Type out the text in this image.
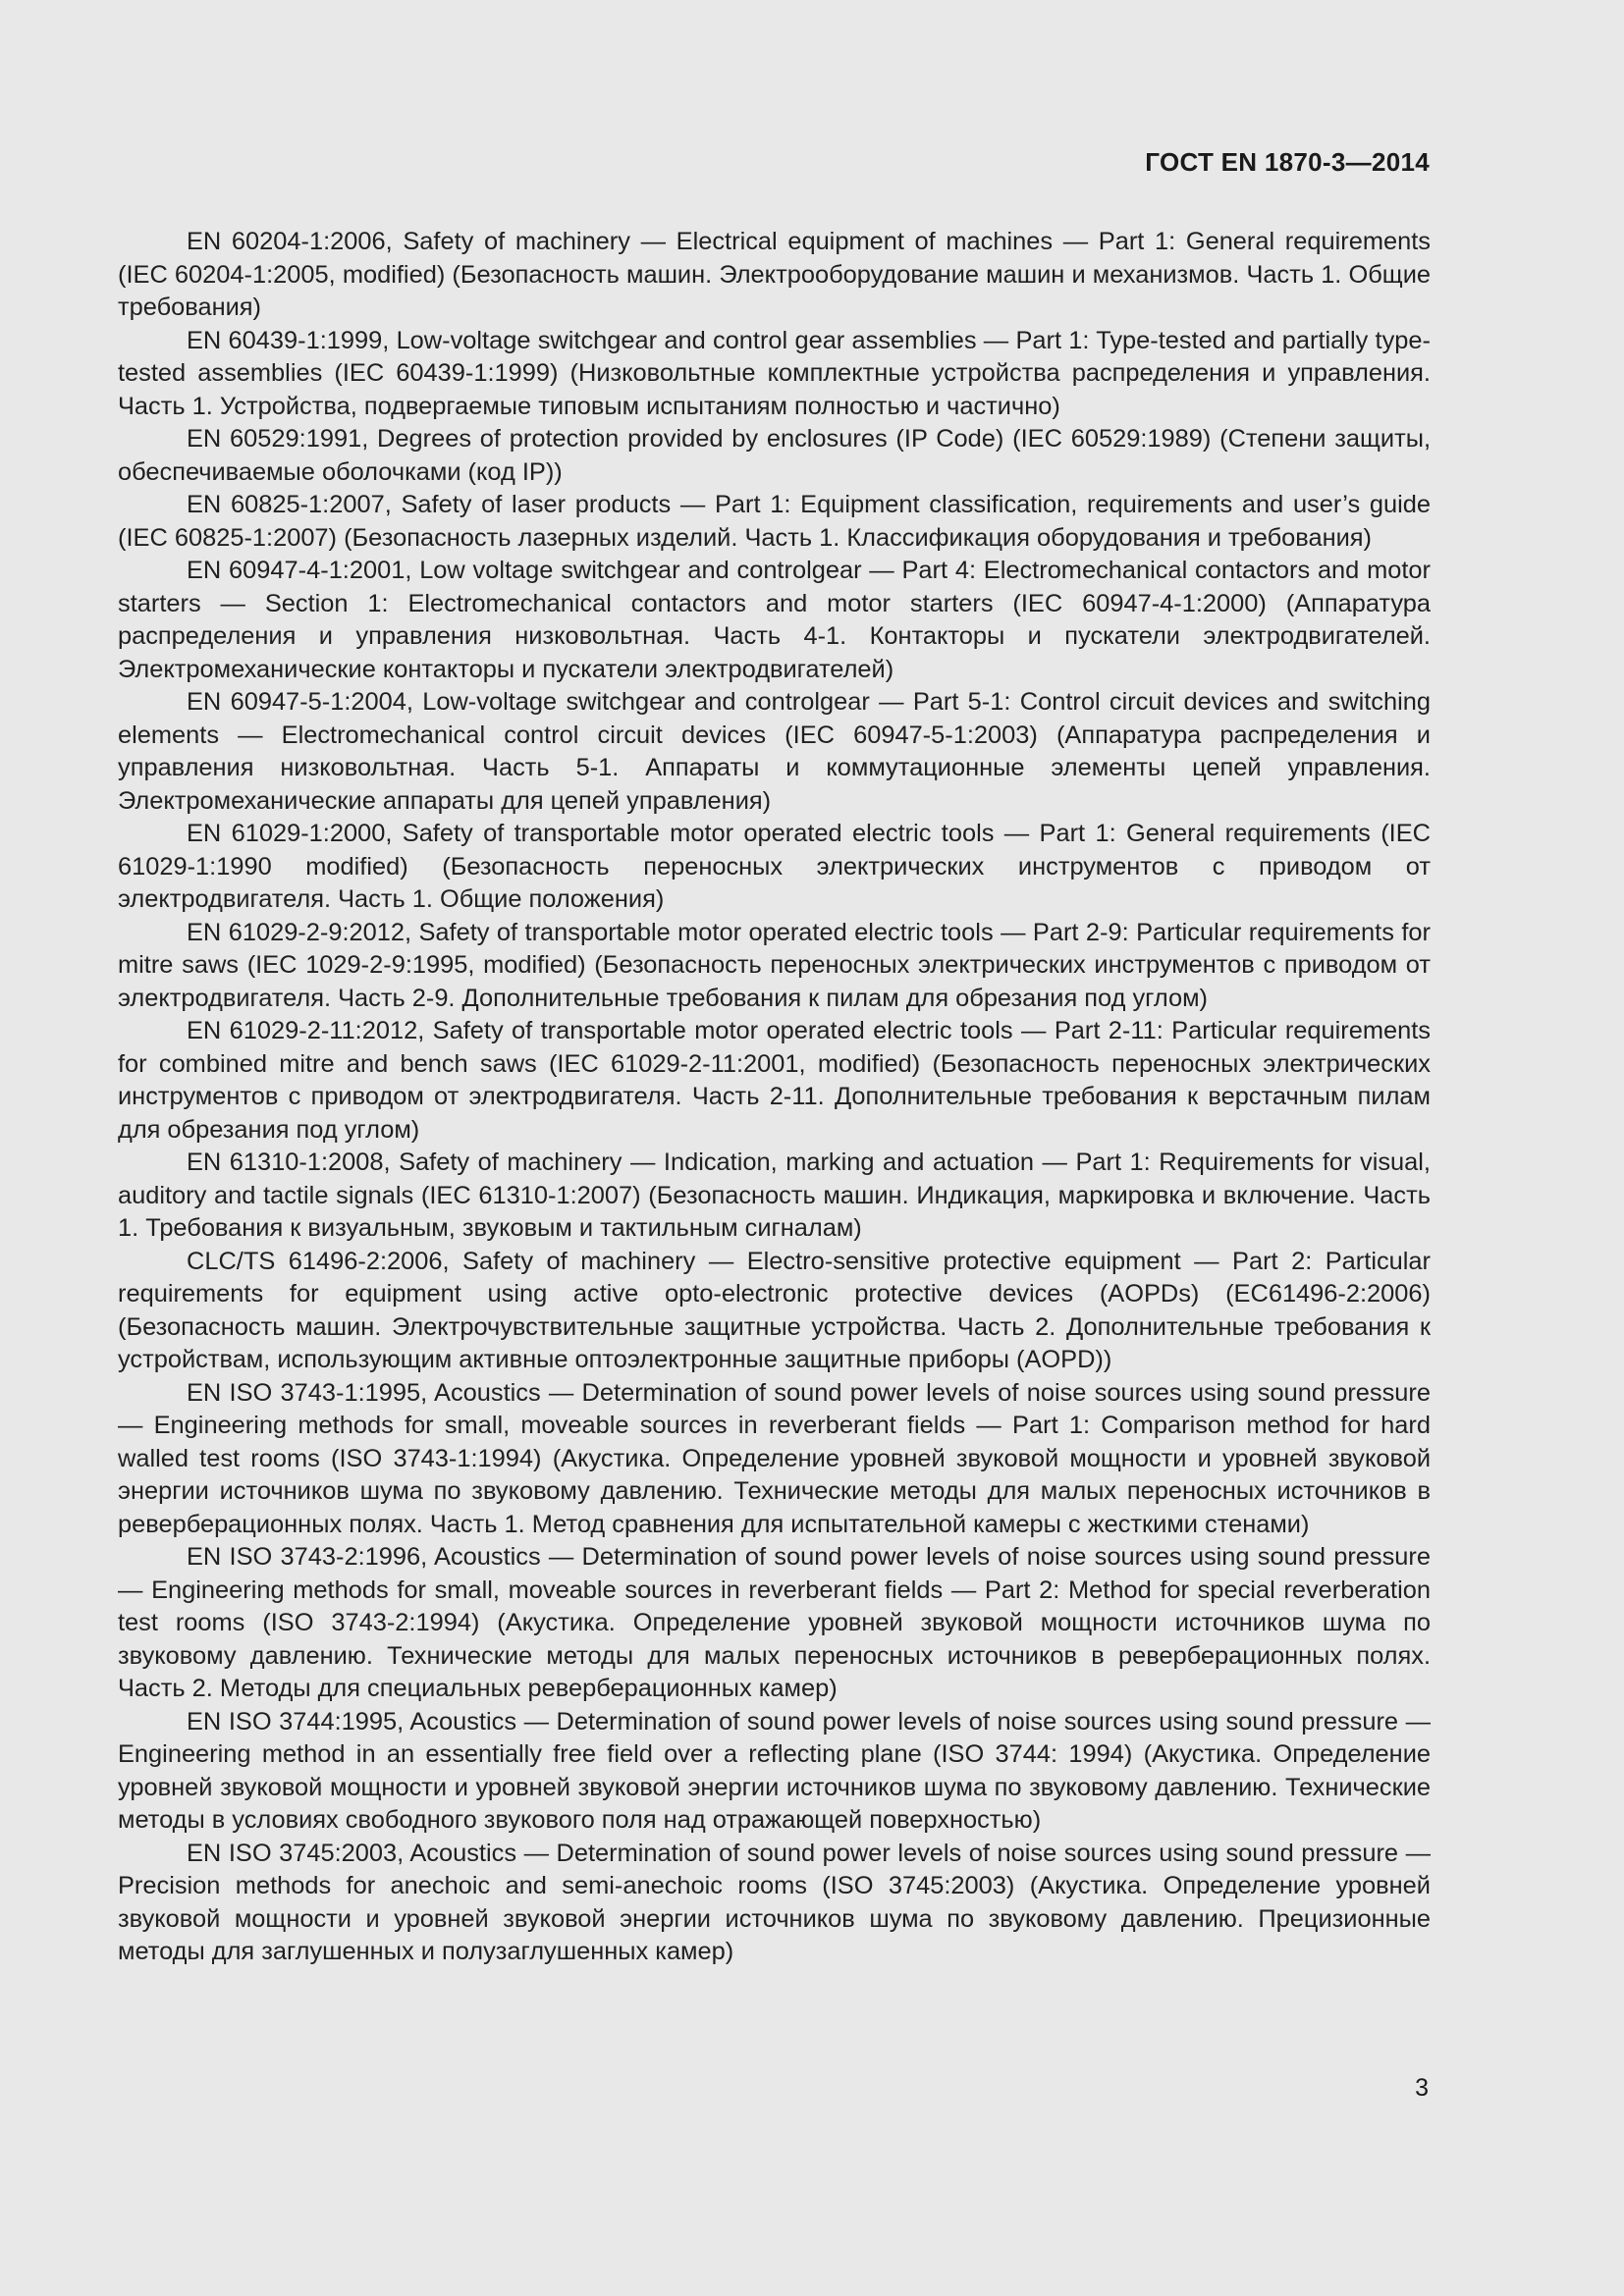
ГОСТ EN 1870-3—2014

EN 60204-1:2006, Safety of machinery — Electrical equipment of machines — Part 1: General requirements (IEC 60204-1:2005, modified) (Безопасность машин. Электрооборудование машин и механизмов. Часть 1. Общие требования)

EN 60439-1:1999, Low-voltage switchgear and control gear assemblies — Part 1: Type-tested and partially type-tested assemblies (IEC 60439-1:1999) (Низковольтные комплектные устройства распределения и управления. Часть 1. Устройства, подвергаемые типовым испытаниям полностью и частично)

EN 60529:1991, Degrees of protection provided by enclosures (IP Code) (IEC 60529:1989) (Степени защиты, обеспечиваемые оболочками (код IP))

EN 60825-1:2007, Safety of laser products — Part 1: Equipment classification, requirements and user’s guide (IEC 60825-1:2007) (Безопасность лазерных изделий. Часть 1. Классификация оборудования и требования)

EN 60947-4-1:2001, Low voltage switchgear and controlgear — Part 4: Electromechanical contactors and motor starters — Section 1: Electromechanical contactors and motor starters (IEC 60947-4-1:2000) (Аппаратура распределения и управления низковольтная. Часть 4-1. Контакторы и пускатели электродвигателей. Электромеханические контакторы и пускатели электродвигателей)

EN 60947-5-1:2004, Low-voltage switchgear and controlgear — Part 5-1: Control circuit devices and switching elements — Electromechanical control circuit devices (IEC 60947-5-1:2003) (Аппаратура распределения и управления низковольтная. Часть 5-1. Аппараты и коммутационные элементы цепей управления. Электромеханические аппараты для цепей управления)

EN 61029-1:2000, Safety of transportable motor operated electric tools — Part 1: General requirements (IEC 61029-1:1990 modified) (Безопасность переносных электрических инструментов с приводом от электродвигателя. Часть 1. Общие положения)

EN 61029-2-9:2012, Safety of transportable motor operated electric tools — Part 2-9: Particular requirements for mitre saws (IEC 1029-2-9:1995, modified) (Безопасность переносных электрических инструментов с приводом от электродвигателя. Часть 2-9. Дополнительные требования к пилам для обрезания под углом)

EN 61029-2-11:2012, Safety of transportable motor operated electric tools — Part 2-11: Particular requirements for combined mitre and bench saws (IEC 61029-2-11:2001, modified) (Безопасность переносных электрических инструментов с приводом от электродвигателя. Часть 2-11. Дополнительные требования к верстачным пилам для обрезания под углом)

EN 61310-1:2008, Safety of machinery — Indication, marking and actuation — Part 1: Requirements for visual, auditory and tactile signals (IEC 61310-1:2007) (Безопасность машин. Индикация, маркировка и включение. Часть 1. Требования к визуальным, звуковым и тактильным сигналам)

CLC/TS 61496-2:2006, Safety of machinery — Electro-sensitive protective equipment — Part 2: Particular requirements for equipment using active opto-electronic protective devices (AOPDs) (EC61496-2:2006) (Безопасность машин. Электрочувствительные защитные устройства. Часть 2. Дополнительные требования к устройствам, использующим активные оптоэлектронные защитные приборы (AOPD))

EN ISO 3743-1:1995, Acoustics — Determination of sound power levels of noise sources using sound pressure — Engineering methods for small, moveable sources in reverberant fields — Part 1: Comparison method for hard walled test rooms (ISO 3743-1:1994) (Акустика. Определение уровней звуковой мощности и уровней звуковой энергии источников шума по звуковому давлению. Технические методы для малых переносных источников в реверберационных полях. Часть 1. Метод сравнения для испытательной камеры с жесткими стенами)

EN ISO 3743-2:1996, Acoustics — Determination of sound power levels of noise sources using sound pressure — Engineering methods for small, moveable sources in reverberant fields — Part 2: Method for special reverberation test rooms (ISO 3743-2:1994) (Акустика. Определение уровней звуковой мощности источников шума по звуковому давлению. Технические методы для малых переносных источников в реверберационных полях. Часть 2. Методы для специальных реверберационных камер)

EN ISO 3744:1995, Acoustics — Determination of sound power levels of noise sources using sound pressure — Engineering method in an essentially free field over a reflecting plane (ISO 3744: 1994) (Акустика. Определение уровней звуковой мощности и уровней звуковой энергии источников шума по звуковому давлению. Технические методы в условиях свободного звукового поля над отражающей поверхностью)

EN ISO 3745:2003, Acoustics — Determination of sound power levels of noise sources using sound pressure — Precision methods for anechoic and semi-anechoic rooms (ISO 3745:2003) (Акустика. Определение уровней звуковой мощности и уровней звуковой энергии источников шума по звуковому давлению. Прецизионные методы для заглушенных и полузаглушенных камер)

3
